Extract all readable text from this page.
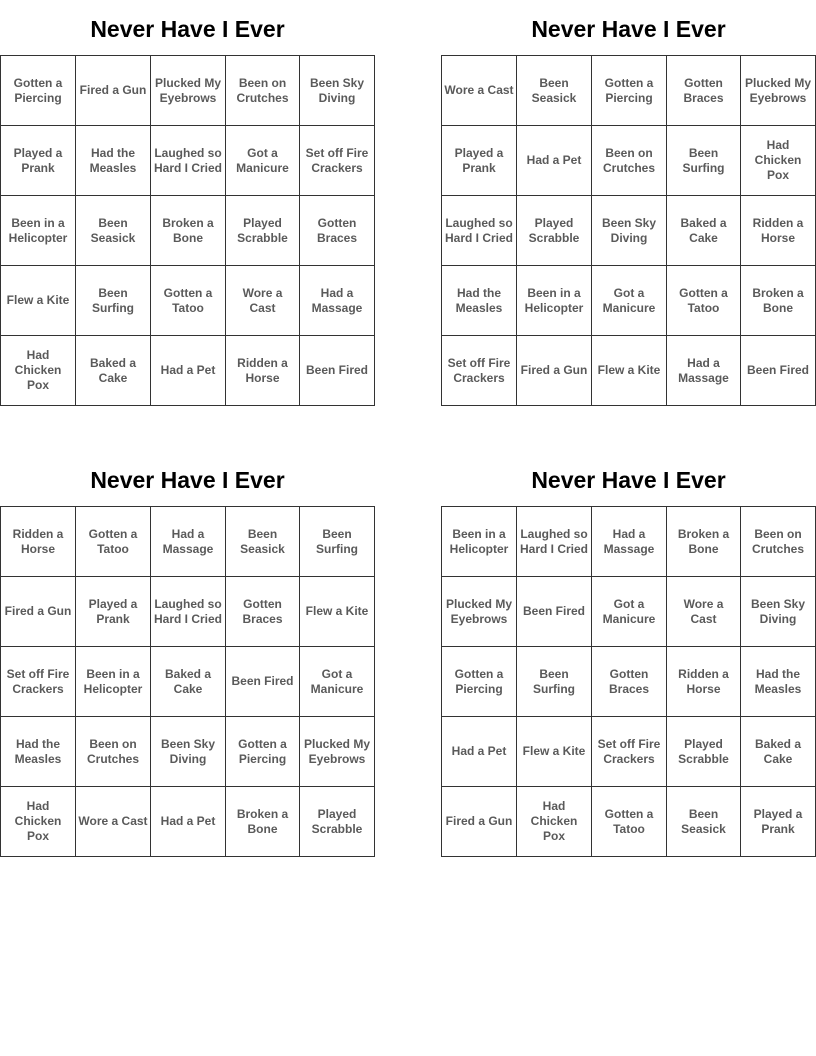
Never Have I Ever
Gotten a Piercing
Fired a Gun
Plucked My Eyebrows
Been on Crutches
Been Sky Diving
Played a Prank
Had the Measles
Laughed so Hard I Cried
Got a Manicure
Set off Fire Crackers
Been in a Helicopter
Been Seasick
Broken a Bone
Played Scrabble
Gotten Braces
Flew a Kite
Been Surfing
Gotten a Tatoo
Wore a Cast
Had a Massage
Had Chicken Pox
Baked a Cake
Had a Pet
Ridden a Horse
Been Fired
Never Have I Ever
Wore a Cast
Been Seasick
Gotten a Piercing
Gotten Braces
Plucked My Eyebrows
Played a Prank
Had a Pet
Been on Crutches
Been Surfing
Had Chicken Pox
Laughed so Hard I Cried
Played Scrabble
Been Sky Diving
Baked a Cake
Ridden a Horse
Had the Measles
Been in a Helicopter
Got a Manicure
Gotten a Tatoo
Broken a Bone
Set off Fire Crackers
Fired a Gun Flew a Kite
Had a Massage
Been Fired
Never Have I Ever
Ridden a Horse
Gotten a Tatoo
Had a Massage
Been Seasick
Been Surfing
Fired a Gun
Played a Prank
Laughed so Hard I Cried
Gotten Braces
Flew a Kite
Set off Fire Crackers
Been in a Helicopter
Baked a Cake
Been Fired
Got a Manicure
Had the Measles
Been on Crutches
Been Sky Diving
Gotten a Piercing
Plucked My Eyebrows
Had Chicken Pox
Wore a Cast	Had a Pet
Broken a Bone
Played Scrabble
Never Have I Ever
Been in a Helicopter
Laughed so Hard I Cried
Had a Massage
Broken a Bone
Been on Crutches
Plucked My Eyebrows
Been Fired
Got a Manicure
Wore a Cast
Been Sky Diving
Gotten a Piercing
Been Surfing
Gotten Braces
Ridden a Horse
Had the Measles
Had a Pet	Flew a Kite
Set off Fire Crackers
Played Scrabble
Baked a Cake
Fired a Gun
Had Chicken Pox
Gotten a Tatoo
Been Seasick
Played a Prank
